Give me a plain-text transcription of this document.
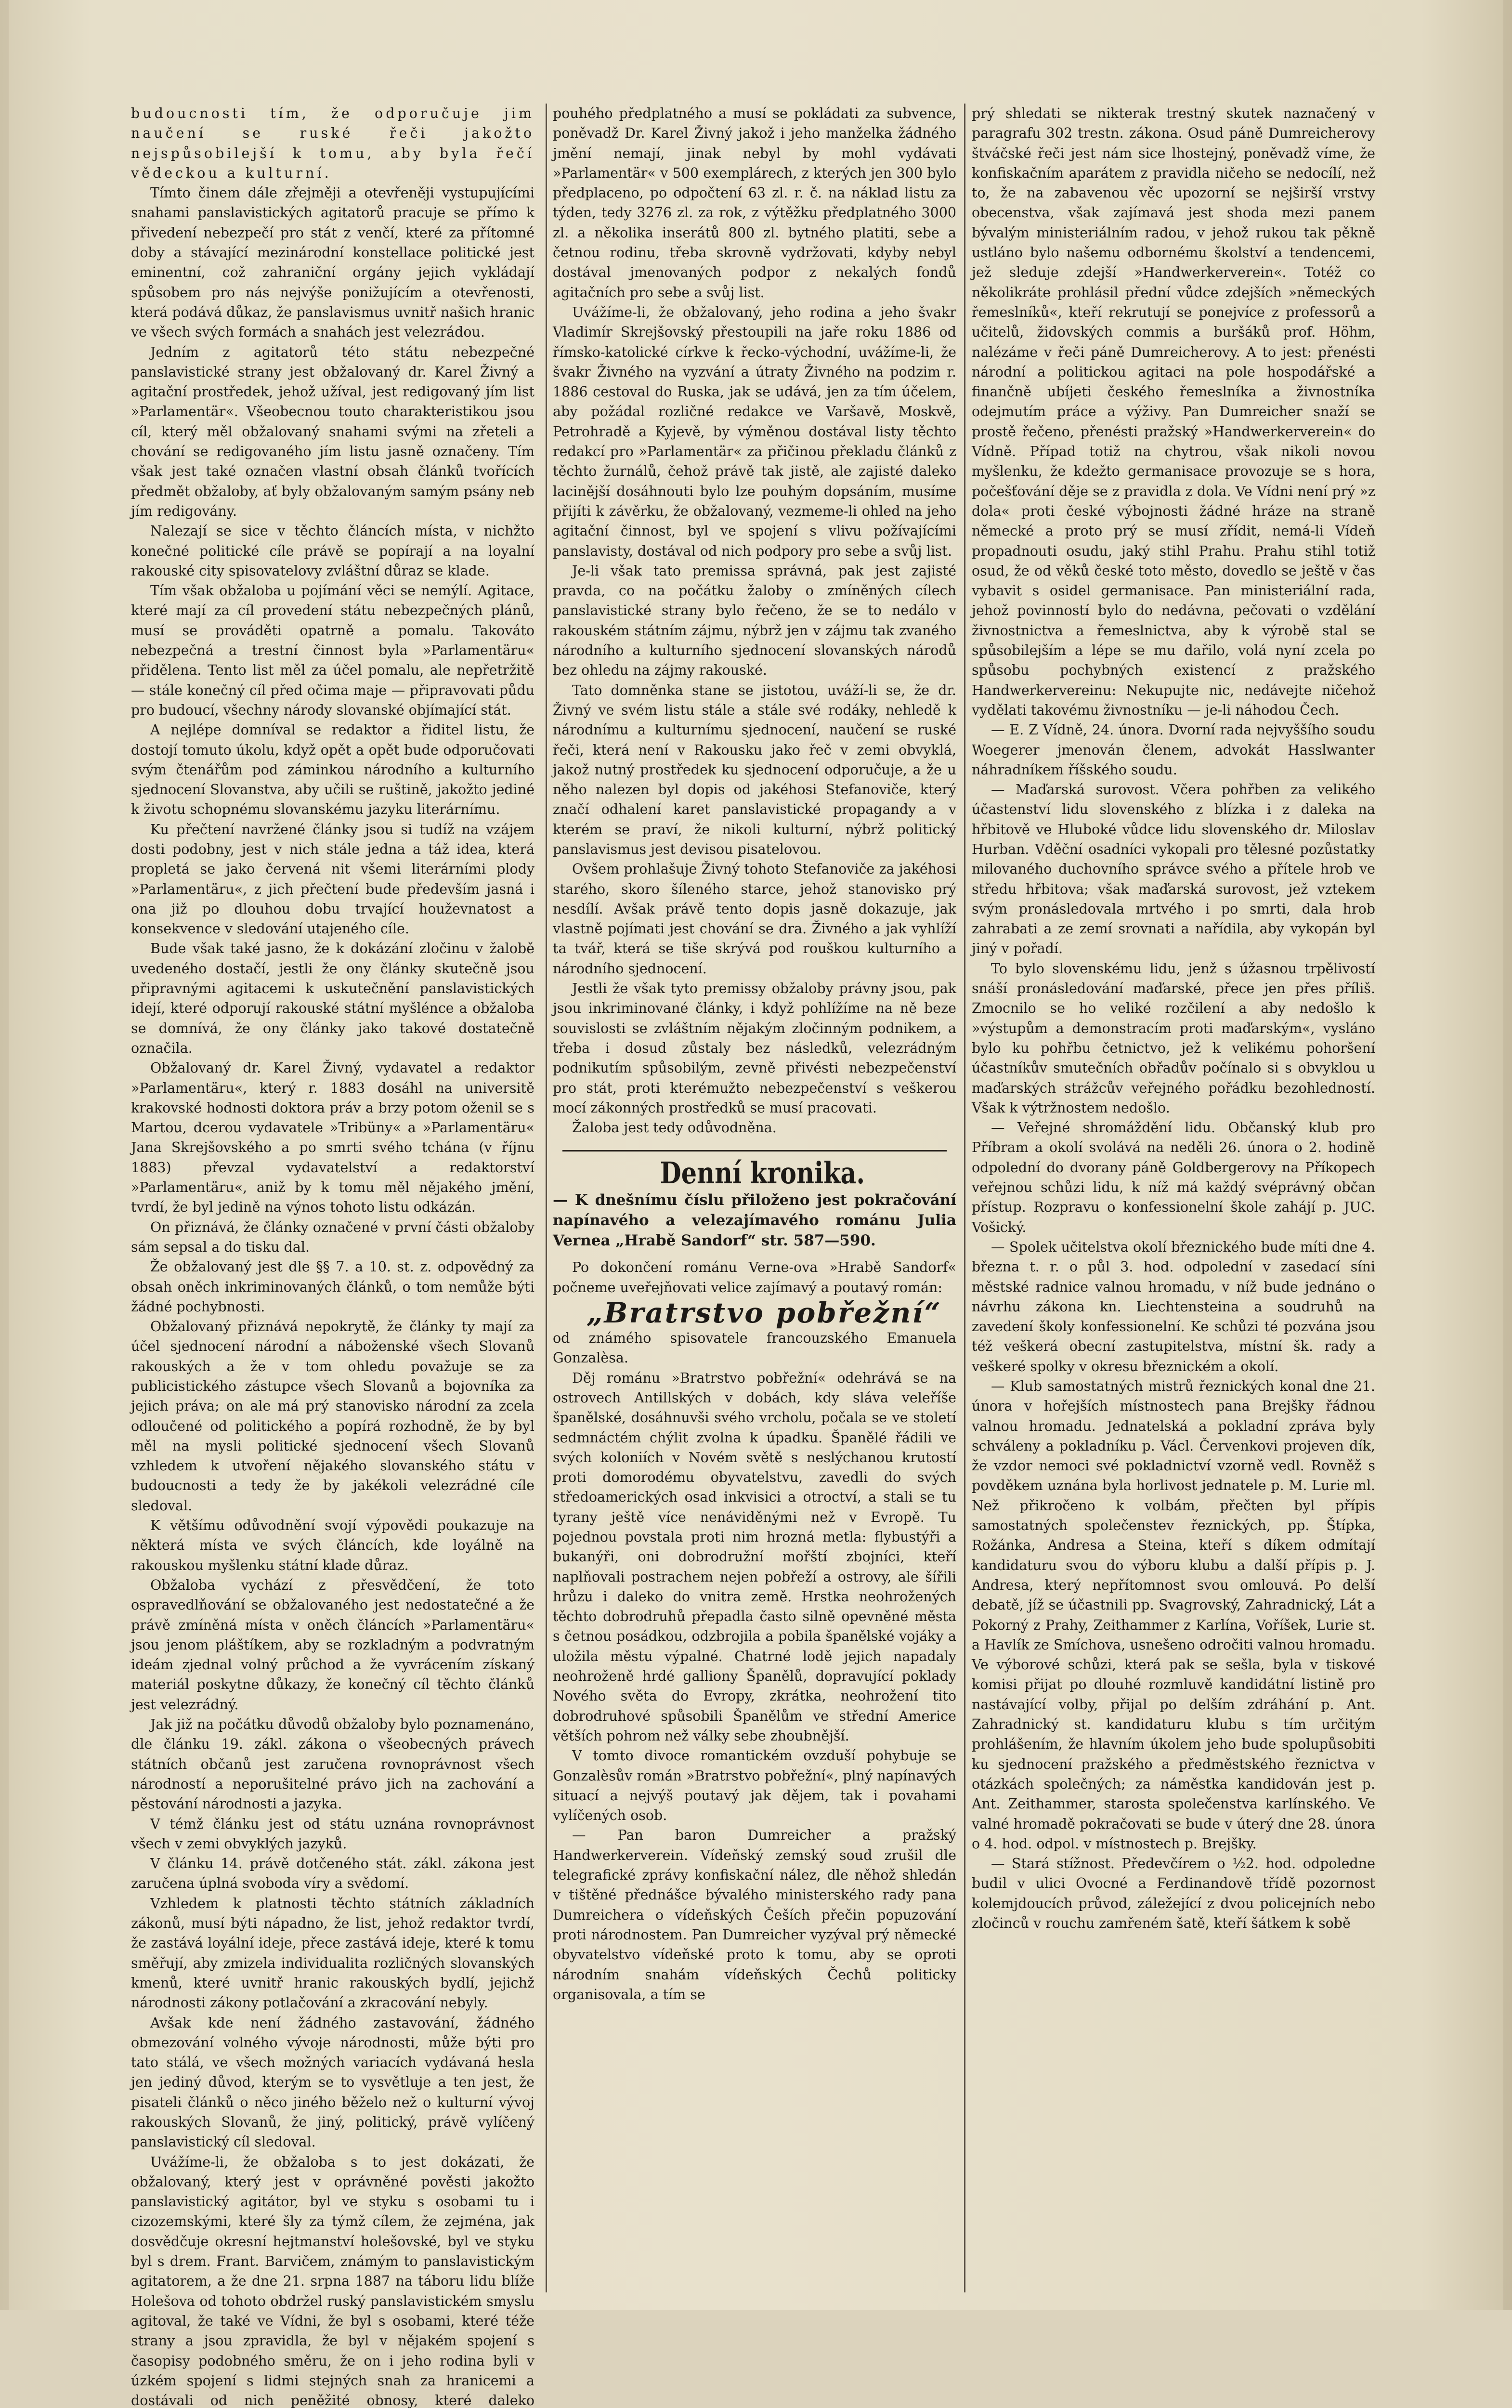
budoucnosti tím, že odporučuje jim naučení se ruské řeči jakožto nejspůsobilejší k tomu, aby byla řečí vědeckou a kulturní.

Tímto činem dále zřejměji a otevřeněji vystupujícími snahami panslavistických agitatorů pracuje se přímo k přivedení nebezpečí pro stát z venčí, které za přítomné doby a stávající mezinárodní konstellace politické jest eminentní, což zahraniční orgány jejich vykládají spůsobem pro nás nejvýše ponižujícím a otevřenosti, která podává důkaz, že panslavismus uvnitř našich hranic ve všech svých formách a snahách jest velezrádou.

Jedním z agitatorů této státu nebezpečné panslavistické strany jest obžalovaný dr. Karel Živný a agitační prostředek, jehož užíval, jest redigovaný jím list »Parlamentär«. Všeobecnou touto charakteristikou jsou cíl, který měl obžalovaný snahami svými na zřeteli a chování se redigovaného jím listu jasně označeny. Tím však jest také označen vlastní obsah článků tvořících předmět obžaloby, ať byly obžalovaným samým psány neb jím redigovány.

Nalezají se sice v těchto článcích místa, v nichžto konečné politické cíle právě se popírají a na loyalní rakouské city spisovatelovy zvláštní důraz se klade.

Tím však obžaloba u pojímání věci se nemýlí. Agitace, které mají za cíl provedení státu nebezpečných plánů, musí se prováděti opatrně a pomalu. Takováto nebezpečná a trestní činnost byla »Parlamentäru« přidělena. Tento list měl za účel pomalu, ale nepřetržitě — stále konečný cíl před očima maje — připravovati půdu pro budoucí, všechny národy slovanské objímající stát.

A nejlépe domníval se redaktor a řiditel listu, že dostojí tomuto úkolu, když opět a opět bude odporučovati svým čtenářům pod záminkou národního a kulturního sjednocení Slovanstva, aby učili se ruštině, jakožto jediné k životu schopnému slovanskému jazyku literárnímu.

Ku přečtení navržené články jsou si tudíž na vzájem dosti podobny, jest v nich stále jedna a táž idea, která propletá se jako červená nit všemi literárními plody »Parlamentäru«, z jich přečtení bude především jasná i ona již po dlouhou dobu trvající houževnatost a konsekvence v sledování utajeného cíle.

Bude však také jasno, že k dokázání zločinu v žalobě uvedeného dostačí, jestli že ony články skutečně jsou připravnými agitacemi k uskutečnění panslavistických idejí, které odporují rakouské státní myšlénce a obžaloba se domnívá, že ony články jako takové dostatečně označila.

Obžalovaný dr. Karel Živný, vydavatel a redaktor »Parlamentäru«, který r. 1883 dosáhl na universitě krakovské hodnosti doktora práv a brzy potom oženil se s Martou, dcerou vydavatele »Tribüny« a »Parlamentäru« Jana Skrejšovského a po smrti svého tchána (v říjnu 1883) převzal vydavatelství a redaktorství »Parlamentäru«, aniž by k tomu měl nějakého jmění, tvrdí, že byl jedině na výnos tohoto listu odkázán.

On přiznává, že články označené v první části obžaloby sám sepsal a do tisku dal.

Že obžalovaný jest dle §§ 7. a 10. st. z. odpovědný za obsah oněch inkriminovaných článků, o tom nemůže býti žádné pochybnosti.

Obžalovaný přiznává nepokrytě, že články ty mají za účel sjednocení národní a náboženské všech Slovanů rakouských a že v tom ohledu považuje se za publicistického zástupce všech Slovanů a bojovníka za jejich práva; on ale má prý stanovisko národní za zcela odloučené od politického a popírá rozhodně, že by byl měl na mysli politické sjednocení všech Slovanů vzhledem k utvoření nějakého slovanského státu v budoucnosti a tedy že by jakékoli velezrádné cíle sledoval.

K většímu odůvodnění svojí výpovědi poukazuje na některá místa ve svých článcích, kde loyálně na rakouskou myšlenku státní klade důraz.

Obžaloba vychází z přesvědčení, že toto ospravedlňování se obžalovaného jest nedostatečné a že právě zmíněná místa v oněch článcích »Parlamentäru« jsou jenom pláštíkem, aby se rozkladným a podvratným ideám zjednal volný průchod a že vyvrácením získaný materiál poskytne důkazy, že konečný cíl těchto článků jest velezrádný.

Jak již na počátku důvodů obžaloby bylo poznamenáno, dle článku 19. zákl. zákona o všeobecných právech státních občanů jest zaručena rovnoprávnost všech národností a neporušitelné právo jich na zachování a pěstování národnosti a jazyka.

V témž článku jest od státu uznána rovnoprávnost všech v zemi obvyklých jazyků.

V článku 14. právě dotčeného stát. zákl. zákona jest zaručena úplná svoboda víry a svědomí.

Vzhledem k platnosti těchto státních základních zákonů, musí býti nápadno, že list, jehož redaktor tvrdí, že zastává loyální ideje, přece zastává ideje, které k tomu směřují, aby zmizela individualita rozličných slovanských kmenů, které uvnitř hranic rakouských bydlí, jejichž národnosti zákony potlačování a zkracování nebyly.

Avšak kde není žádného zastavování, žádného obmezování volného vývoje národnosti, může býti pro tato stálá, ve všech možných variacích vydávaná hesla jen jediný důvod, kterým se to vysvětluje a ten jest, že pisateli článků o něco jiného běželo než o kulturní vývoj rakouských Slovanů, že jiný, politický, právě vylíčený panslavistický cíl sledoval.

Uvážíme-li, že obžaloba s to jest dokázati, že obžalovaný, který jest v oprávněné pověsti jakožto panslavistický agitátor, byl ve styku s osobami tu i cizozemskými, které šly za týmž cílem, že zejména, jak dosvědčuje okresní hejtmanství holešovské, byl ve styku byl s drem. Frant. Barvičem, známým to panslavistickým agitatorem, a že dne 21. srpna 1887 na táboru lidu blíže Holešova od tohoto obdržel ruský panslavistickém smyslu agitoval, že také ve Vídni, že byl s osobami, které téže strany a jsou zpravidla, že byl v nějakém spojení s časopisy podobného směru, že on i jeho rodina byli v úzkém spojení s lidmi stejných snah za hranicemi a dostávali od nich peněžité obnosy, které daleko

pouhého předplatného a musí se pokládati za subvence, poněvadž Dr. Karel Živný jakož i jeho manželka žádného jmění nemají, jinak nebyl by mohl vydávati »Parlamentär« v 500 exemplárech, z kterých jen 300 bylo předplaceno, po odpočtení 63 zl. r. č. na náklad listu za týden, tedy 3276 zl. za rok, z výtěžku předplatného 3000 zl. a několika inserátů 800 zl. bytného platiti, sebe a četnou rodinu, třeba skrovně vydržovati, kdyby nebyl dostával jmenovaných podpor z nekalých fondů agitačních pro sebe a svůj list.

Uvážíme-li, že obžalovaný, jeho rodina a jeho švakr Vladimír Skrejšovský přestoupili na jaře roku 1886 od římsko-katolické církve k řecko-východní, uvážíme-li, že švakr Živného na vyzvání a útraty Živného na podzim r. 1886 cestoval do Ruska, jak se udává, jen za tím účelem, aby požádal rozličné redakce ve Varšavě, Moskvě, Petrohradě a Kyjevě, by výměnou dostával listy těchto redakcí pro »Parlamentär« za přičinou překladu článků z těchto žurnálů, čehož právě tak jistě, ale zajisté daleko lacinější dosáhnouti bylo lze pouhým dopsáním, musíme přijíti k závěrku, že obžalovaný, vezmeme-li ohled na jeho agitační činnost, byl ve spojení s vlivu požívajícími panslavisty, dostával od nich podpory pro sebe a svůj list.

Je-li však tato premissa správná, pak jest zajisté pravda, co na počátku žaloby o zmíněných cílech panslavistické strany bylo řečeno, že se to nedálo v rakouském státním zájmu, nýbrž jen v zájmu tak zvaného národního a kulturního sjednocení slovanských národů bez ohledu na zájmy rakouské.

Tato domněnka stane se jistotou, uváží-li se, že dr. Živný ve svém listu stále a stále své rodáky, nehledě k národnímu a kulturnímu sjednocení, naučení se ruské řeči, která není v Rakousku jako řeč v zemi obvyklá, jakož nutný prostředek ku sjednocení odporučuje, a že u něho nalezen byl dopis od jakéhosi Stefanoviče, který značí odhalení karet panslavistické propagandy a v kterém se praví, že nikoli kulturní, nýbrž politický panslavismus jest devisou pisatelovou.

Ovšem prohlašuje Živný tohoto Stefanoviče za jakéhosi starého, skoro šíleného starce, jehož stanovisko prý nesdílí. Avšak právě tento dopis jasně dokazuje, jak vlastně pojímati jest chování se dra. Živného a jak vyhlíží ta tvář, která se tiše skrývá pod rouškou kulturního a národního sjednocení.

Jestli že však tyto premissy obžaloby právny jsou, pak jsou inkriminované články, i když pohlížíme na ně beze souvislosti se zvláštním nějakým zločinným podnikem, a třeba i dosud zůstaly bez následků, velezrádným podnikutím spůsobilým, zevně přivésti nebezpečenství pro stát, proti kterémužto nebezpečenství s veškerou mocí zákonných prostředků se musí pracovati.

Žaloba jest tedy odůvodněna.

Denní kronika.

— K dnešnímu číslu přiloženo jest pokračování napínavého a velezajímavého románu Julia Vernea „Hrabě Sandorf“ str. 587—590.

Po dokončení románu Verne-ova »Hrabě Sandorf« počneme uveřejňovati velice zajímavý a poutavý román:

„Bratrstvo pobřežní“

od známého spisovatele francouzského Emanuela Gonzalèsa.

Děj románu »Bratrstvo pobřežní« odehrává se na ostrovech Antillských v dobách, kdy sláva veleříše španělské, dosáhnuvši svého vrcholu, počala se ve století sedmnáctém chýlit zvolna k úpadku. Španělé řádili ve svých koloniích v Novém světě s neslýchanou krutostí proti domorodému obyvatelstvu, zavedli do svých středoamerických osad inkvisici a otroctví, a stali se tu tyrany ještě více nenáviděnými než v Evropě. Tu pojednou povstala proti nim hrozná metla: flybustýři a bukanýři, oni dobrodružní mořští zbojníci, kteří naplňovali postrachem nejen pobřeží a ostrovy, ale šířili hrůzu i daleko do vnitra země. Hrstka neohrožených těchto dobrodruhů přepadla často silně opevněné města s četnou posádkou, odzbrojila a pobila španělské vojáky a uložila městu výpalné. Chatrné lodě jejich napadaly neohroženě hrdé galliony Španělů, dopravující poklady Nového světa do Evropy, zkrátka, neohrožení tito dobrodruhové spůsobili Španělům ve střední Americe větších pohrom než války sebe zhoubnější.

V tomto divoce romantickém ovzduší pohybuje se Gonzalèsův román »Bratrstvo pobřežní«, plný napínavých situací a nejvýš poutavý jak dějem, tak i povahami vylíčených osob.

— Pan baron Dumreicher a pražský Handwerkerverein. Vídeňský zemský soud zrušil dle telegrafické zprávy konfiskační nález, dle něhož shledán v tištěné přednášce bývalého ministerského rady pana Dumreichera o vídeňských Češích přečin popuzování proti národnostem. Pan Dumreicher vyzýval prý německé obyvatelstvo vídeňské proto k tomu, aby se oproti národním snahám vídeňských Čechů politicky organisovala, a tím se

prý shledati se nikterak trestný skutek naznačený v paragrafu 302 trestn. zákona. Osud páně Dumreicherovy štváčské řeči jest nám sice lhostejný, poněvadž víme, že konfiskačním aparátem z pravidla ničeho se nedocílí, než to, že na zabavenou věc upozorní se nejširší vrstvy obecenstva, však zajímavá jest shoda mezi panem bývalým ministeriálním radou, v jehož rukou tak pěkně ustláno bylo našemu odbornému školství a tendencemi, jež sleduje zdejší »Handwerkerverein«. Totéž co několikráte prohlásil přední vůdce zdejších »německých řemeslníků«, kteří rekrutují se ponejvíce z professorů a učitelů, židovských commis a buršáků prof. Höhm, nalézáme v řeči páně Dumreicherovy. A to jest: přenésti národní a politickou agitaci na pole hospodářské a finančně ubíjeti českého řemeslníka a živnostníka odejmutím práce a výživy. Pan Dumreicher snaží se prostě řečeno, přenésti pražský »Handwerkerverein« do Vídně. Případ totiž na chytrou, však nikoli novou myšlenku, že kdežto germanisace provozuje se s hora, počešťování děje se z pravidla z dola. Ve Vídni není prý »z dola« proti české výbojnosti žádné hráze na straně německé a proto prý se musí zřídit, nemá-li Vídeň propadnouti osudu, jaký stihl Prahu. Prahu stihl totiž osud, že od věků české toto město, dovedlo se ještě v čas vybavit s osidel germanisace. Pan ministeriální rada, jehož povinností bylo do nedávna, pečovati o vzdělání živnostnictva a řemeslnictva, aby k výrobě stal se spůsobilejším a lépe se mu dařilo, volá nyní zcela po spůsobu pochybných existencí z pražského Handwerkervereinu: Nekupujte nic, nedávejte ničehož vydělati takovému živnostníku — je-li náhodou Čech.

— E. Z Vídně, 24. února. Dvorní rada nejvyššího soudu Woegerer jmenován členem, advokát Hasslwanter náhradníkem říšského soudu.

— Maďarská surovost. Včera pohřben za velikého účastenství lidu slovenského z blízka i z daleka na hřbitově ve Hluboké vůdce lidu slovenského dr. Miloslav Hurban. Vděční osadníci vykopali pro tělesné pozůstatky milovaného duchovního správce svého a přítele hrob ve středu hřbitova; však maďarská surovost, jež vztekem svým pronásledovala mrtvého i po smrti, dala hrob zahrabati a ze zemí srovnati a nařídila, aby vykopán byl jiný v pořadí.

To bylo slovenskému lidu, jenž s úžasnou trpělivostí snáší pronásledování maďarské, přece jen přes příliš. Zmocnilo se ho veliké rozčilení a aby nedošlo k »výstupům a demonstracím proti maďarským«, vysláno bylo ku pohřbu četnictvo, jež k velikému pohoršení účastníkův smutečních obřadův počínalo si s obvyklou u maďarských strážcův veřejného pořádku bezohledností. Však k výtržnostem nedošlo.

— Veřejné shromáždění lidu. Občanský klub pro Příbram a okolí svolává na neděli 26. února o 2. hodině odpolední do dvorany páně Goldbergerovy na Příkopech veřejnou schůzi lidu, k níž má každý svéprávný občan přístup. Rozpravu o konfessionelní škole zahájí p. JUC. Vošický.

— Spolek učitelstva okolí březnického bude míti dne 4. března t. r. o půl 3. hod. odpolední v zasedací síni městské radnice valnou hromadu, v níž bude jednáno o návrhu zákona kn. Liechtensteina a soudruhů na zavedení školy konfessionelní. Ke schůzi té pozvána jsou též veškerá obecní zastupitelstva, místní šk. rady a veškeré spolky v okresu březnickém a okolí.

— Klub samostatných mistrů řeznických konal dne 21. února v hořejších místnostech pana Brejšky řádnou valnou hromadu. Jednatelská a pokladní zpráva byly schváleny a pokladníku p. Václ. Červenkovi projeven dík, že vzdor nemoci své pokladnictví vzorně vedl. Rovněž s povděkem uznána byla horlivost jednatele p. M. Lurie ml. Než přikročeno k volbám, přečten byl přípis samostatných společenstev řeznických, pp. Štípka, Rožánka, Andresa a Steina, kteří s díkem odmítají kandidaturu svou do výboru klubu a další přípis p. J. Andresa, který nepřítomnost svou omlouvá. Po delší debatě, jíž se účastnili pp. Svagrovský, Zahradnický, Lát a Pokorný z Prahy, Zeithammer z Karlína, Voříšek, Lurie st. a Havlík ze Smíchova, usnešeno odročiti valnou hromadu. Ve výborové schůzi, která pak se sešla, byla v tiskové komisi přijat po dlouhé rozmluvě kandidátní listině pro nastávající volby, přijal po delším zdráhání p. Ant. Zahradnický st. kandidaturu klubu s tím určitým prohlášením, že hlavním úkolem jeho bude spolupůsobiti ku sjednocení pražského a předměstského řeznictva v otázkách společných; za náměstka kandidován jest p. Ant. Zeithammer, starosta společenstva karlínského. Ve valné hromadě pokračovati se bude v úterý dne 28. února o 4. hod. odpol. v místnostech p. Brejšky.

— Stará stížnost. Předevčírem o ½2. hod. odpoledne budil v ulici Ovocné a Ferdinandově třídě pozornost kolemjdoucích průvod, záležející z dvou policejních nebo zločinců v rouchu zamřeném šatě, kteří šátkem k sobě
